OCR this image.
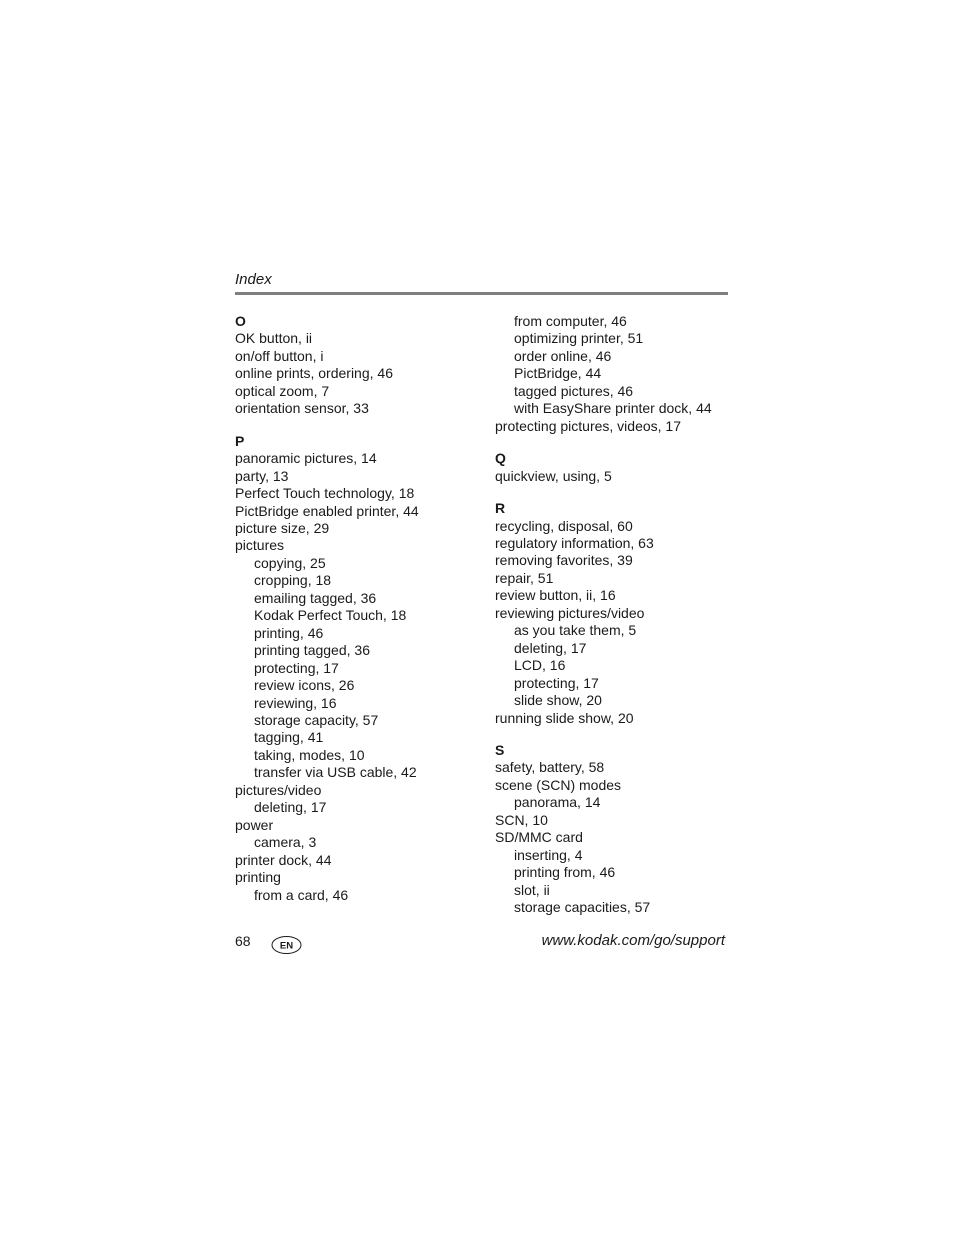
Index
O
OK button, ii
on/off button, i
online prints, ordering, 46
optical zoom, 7
orientation sensor, 33
P
panoramic pictures, 14
party, 13
Perfect Touch technology, 18
PictBridge enabled printer, 44
picture size, 29
pictures
copying, 25
cropping, 18
emailing tagged, 36
Kodak Perfect Touch, 18
printing, 46
printing tagged, 36
protecting, 17
review icons, 26
reviewing, 16
storage capacity, 57
tagging, 41
taking, modes, 10
transfer via USB cable, 42
pictures/video
deleting, 17
power
camera, 3
printer dock, 44
printing
from a card, 46
from computer, 46
optimizing printer, 51
order online, 46
PictBridge, 44
tagged pictures, 46
with EasyShare printer dock, 44
protecting pictures, videos, 17
Q
quickview, using, 5
R
recycling, disposal, 60
regulatory information, 63
removing favorites, 39
repair, 51
review button, ii, 16
reviewing pictures/video
as you take them, 5
deleting, 17
LCD, 16
protecting, 17
slide show, 20
running slide show, 20
S
safety, battery, 58
scene (SCN) modes
panorama, 14
SCN, 10
SD/MMC card
inserting, 4
printing from, 46
slot, ii
storage capacities, 57
68	EN	www.kodak.com/go/support
